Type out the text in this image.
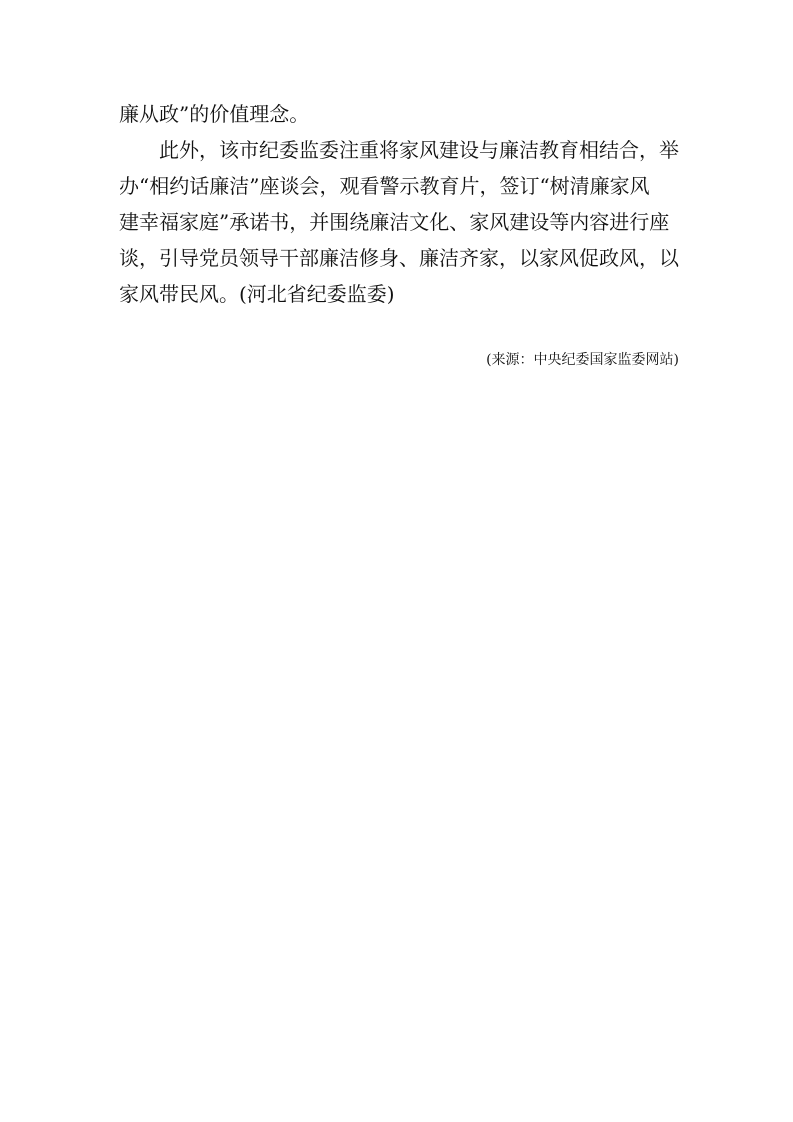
廉从政”的价值理念。
此外，该市纪委监委注重将家风建设与廉洁教育相结合，举
办“相约话廉洁”座谈会，观看警示教育片，签订“树清廉家风
建幸福家庭”承诺书，并围绕廉洁文化、家风建设等内容进行座
谈，引导党员领导干部廉洁修身、廉洁齐家，以家风促政风，以
家风带民风。(河北省纪委监委)
(来源：中央纪委国家监委网站)
